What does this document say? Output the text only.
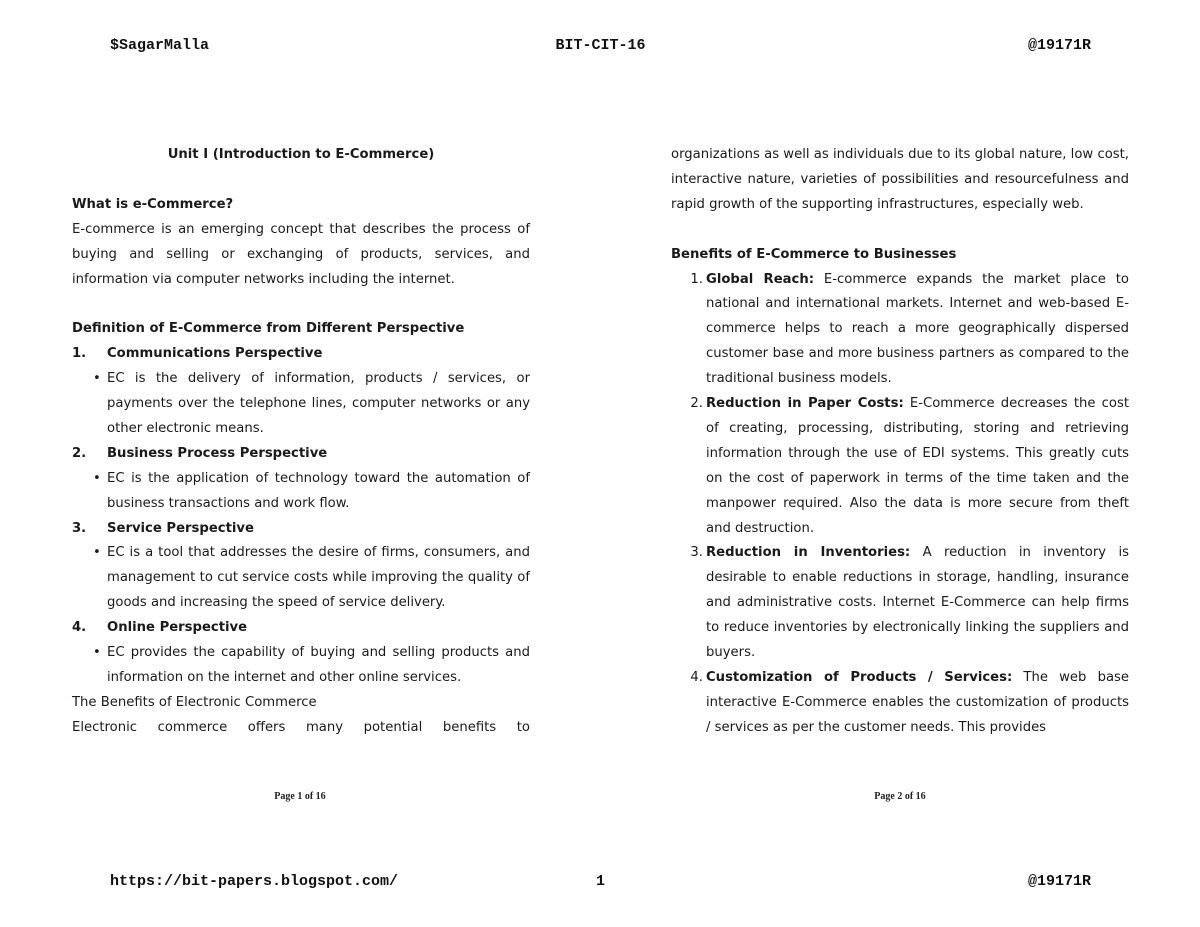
$SagarMalla	BIT-CIT-16	@19171R

Unit I (Introduction to E-Commerce)

What is e-Commerce?

E-commerce is an emerging concept that describes the process of buying and selling or exchanging of products, services, and information via computer networks including the internet.

Definition of E-Commerce from Different Perspective

1.	Communications Perspective
• EC is the delivery of information, products / services, or payments over the telephone lines, computer networks or any other electronic means.
2.	Business Process Perspective
• EC is the application of technology toward the automation of business transactions and work flow.
3.	Service Perspective
• EC is a tool that addresses the desire of firms, consumers, and management to cut service costs while improving the quality of goods and increasing the speed of service delivery.
4.	Online Perspective
• EC provides the capability of buying and selling products and information on the internet and other online services.

The Benefits of Electronic Commerce

Electronic commerce offers many potential benefits to

Page 1 of 16

organizations as well as individuals due to its global nature, low cost, interactive nature, varieties of possibilities and resourcefulness and rapid growth of the supporting infrastructures, especially web.

Benefits of E-Commerce to Businesses

1. Global Reach: E-commerce expands the market place to national and international markets. Internet and web-based E-commerce helps to reach a more geographically dispersed customer base and more business partners as compared to the traditional business models.
2. Reduction in Paper Costs: E-Commerce decreases the cost of creating, processing, distributing, storing and retrieving information through the use of EDI systems. This greatly cuts on the cost of paperwork in terms of the time taken and the manpower required. Also the data is more secure from theft and destruction.
3. Reduction in Inventories: A reduction in inventory is desirable to enable reductions in storage, handling, insurance and administrative costs. Internet E-Commerce can help firms to reduce inventories by electronically linking the suppliers and buyers.
4. Customization of Products / Services: The web base interactive E-Commerce enables the customization of products / services as per the customer needs. This provides
Page 2 of 16
https://bit-papers.blogspot.com/	1	@19171R
